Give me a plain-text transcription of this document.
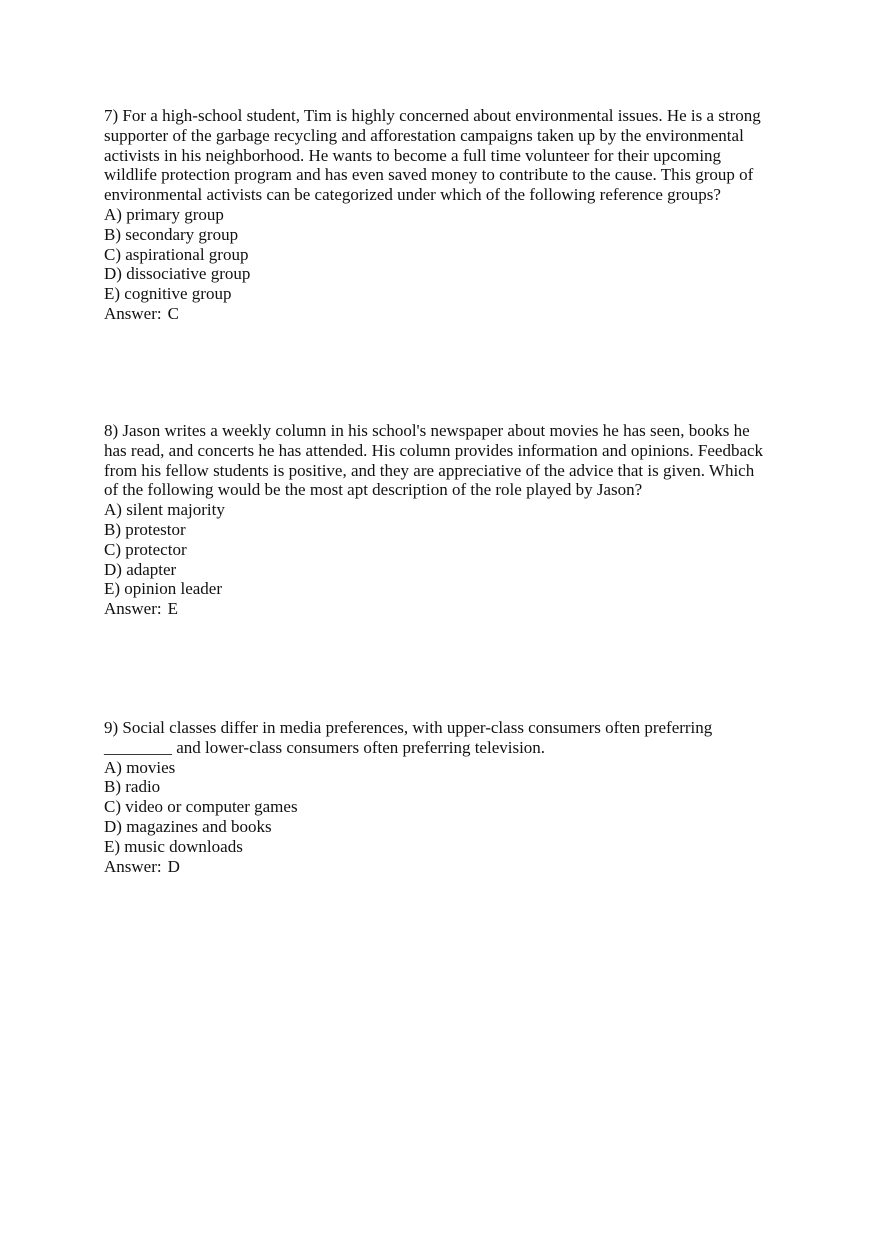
7) For a high-school student, Tim is highly concerned about environmental issues. He is a strong
supporter of the garbage recycling and afforestation campaigns taken up by the environmental
activists in his neighborhood. He wants to become a full time volunteer for their upcoming
wildlife protection program and has even saved money to contribute to the cause. This group of
environmental activists can be categorized under which of the following reference groups?

A) primary group
B) secondary group
C) aspirational group
D) dissociative group
E) cognitive group

Answer: C

8) Jason writes a weekly column in his school's newspaper about movies he has seen, books he
has read, and concerts he has attended. His column provides information and opinions. Feedback
from his fellow students is positive, and they are appreciative of the advice that is given. Which
of the following would be the most apt description of the role played by Jason?

A) silent majority
B) protestor
C) protector
D) adapter
E) opinion leader

Answer: E

9) Social classes differ in media preferences, with upper-class consumers often preferring
________ and lower-class consumers often preferring television.

A) movies
B) radio
C) video or computer games
D) magazines and books
E) music downloads

Answer: D
